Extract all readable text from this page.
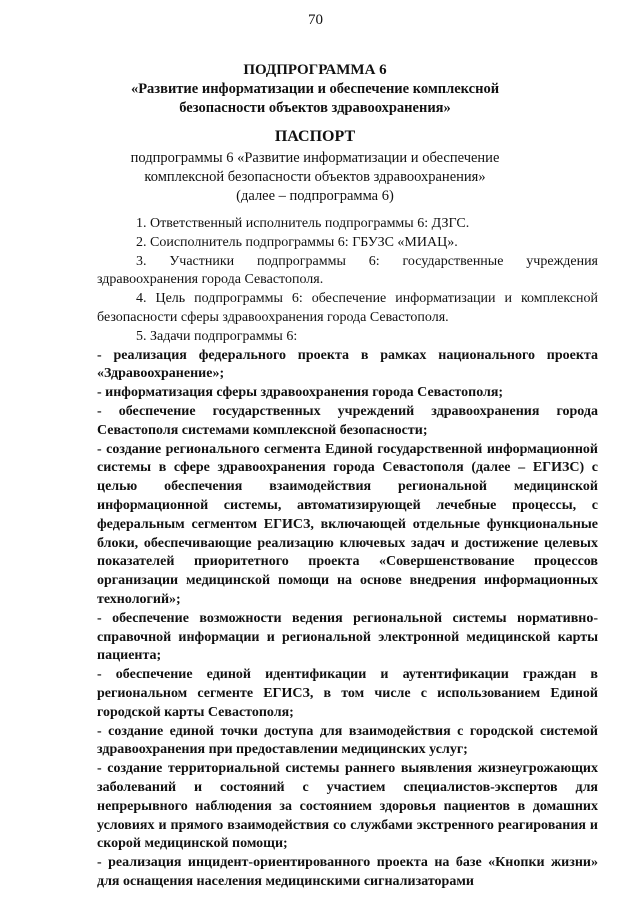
70
ПОДПРОГРАММА 6
«Развитие информатизации и обеспечение комплексной
безопасности объектов здравоохранения»
ПАСПОРТ
подпрограммы 6 «Развитие информатизации и обеспечение
комплексной безопасности объектов здравоохранения»
(далее – подпрограмма 6)

1. Ответственный исполнитель подпрограммы 6: ДЗГС.

2. Соисполнитель подпрограммы 6: ГБУЗС «МИАЦ».

3. Участники подпрограммы 6: государственные учреждения здравоохранения города Севастополя.

4. Цель подпрограммы 6: обеспечение информатизации и комплексной безопасности сферы здравоохранения города Севастополя.

5. Задачи подпрограммы 6:

- реализация федерального проекта в рамках национального проекта «Здравоохранение»;

- информатизация сферы здравоохранения города Севастополя;

- обеспечение государственных учреждений здравоохранения города Севастополя системами комплексной безопасности;

- создание регионального сегмента Единой государственной информационной системы в сфере здравоохранения города Севастополя (далее – ЕГИЗС) с целью обеспечения взаимодействия региональной медицинской информационной системы, автоматизирующей лечебные процессы, с федеральным сегментом ЕГИСЗ, включающей отдельные функциональные блоки, обеспечивающие реализацию ключевых задач и достижение целевых показателей приоритетного проекта «Совершенствование процессов организации медицинской помощи на основе внедрения информационных технологий»;

- обеспечение возможности ведения региональной системы нормативно-справочной информации и региональной электронной медицинской карты пациента;

- обеспечение единой идентификации и аутентификации граждан в региональном сегменте ЕГИСЗ, в том числе с использованием Единой городской карты Севастополя;

- создание единой точки доступа для взаимодействия с городской системой здравоохранения при предоставлении медицинских услуг;

- создание территориальной системы раннего выявления жизнеугрожающих заболеваний и состояний с участием специалистов-экспертов для непрерывного наблюдения за состоянием здоровья пациентов в домашних условиях и прямого взаимодействия со службами экстренного реагирования и скорой медицинской помощи;

- реализация инцидент-ориентированного проекта на базе «Кнопки жизни» для оснащения населения медицинскими сигнализаторами
